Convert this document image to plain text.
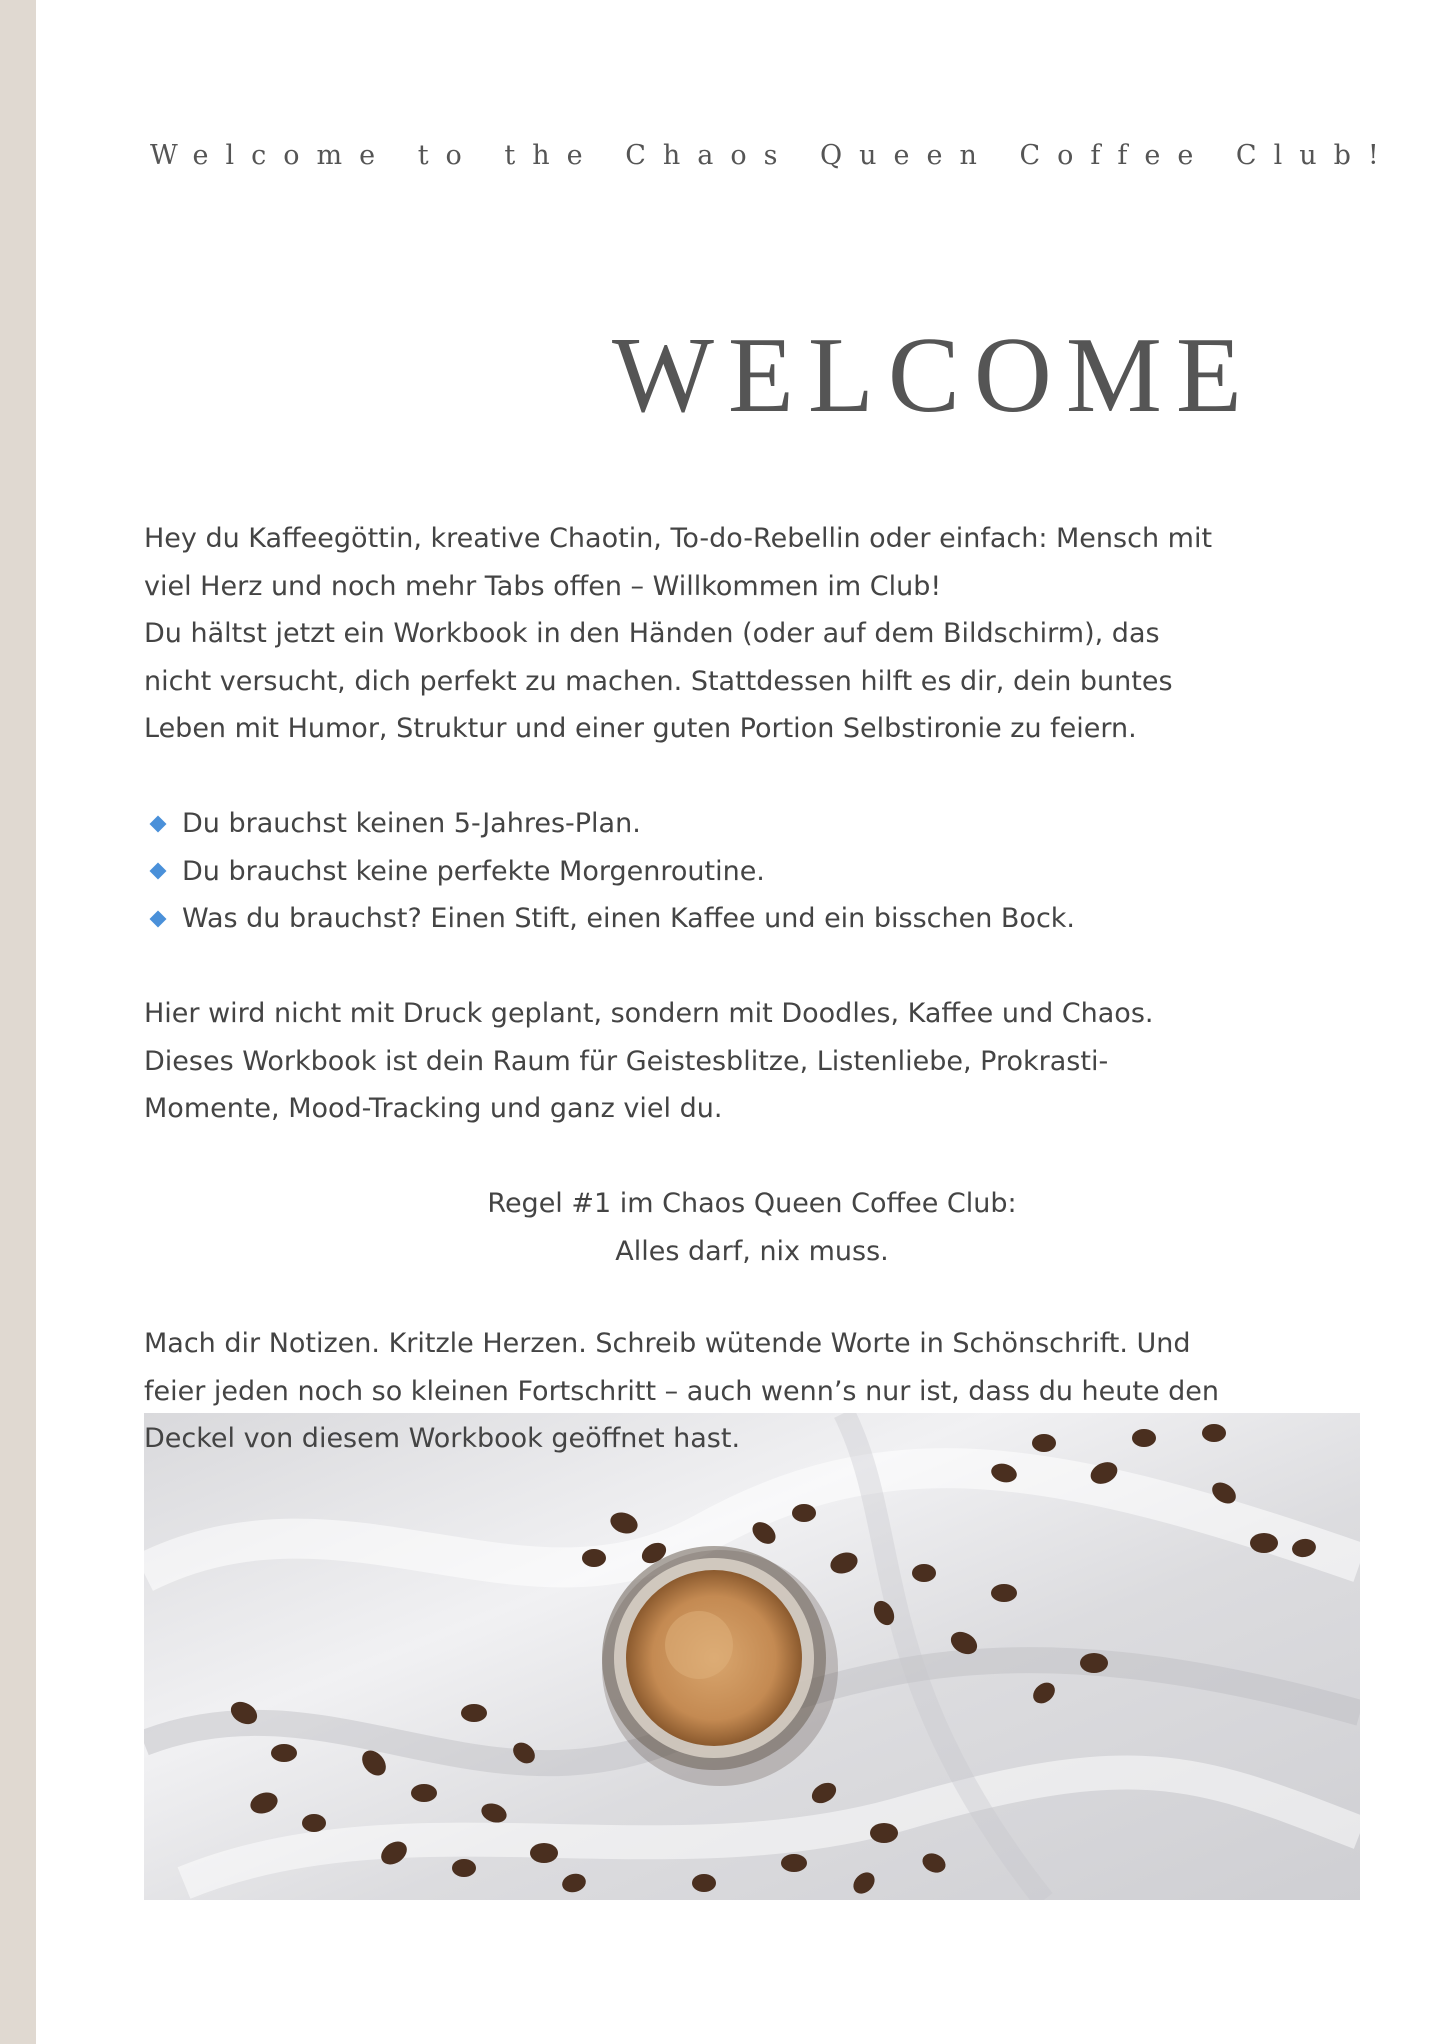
Welcome to the Chaos Queen Coffee Club!
WELCOME
Hey du Kaffeegöttin, kreative Chaotin, To-do-Rebellin oder einfach: Mensch mit
viel Herz und noch mehr Tabs offen – Willkommen im Club!
Du hältst jetzt ein Workbook in den Händen (oder auf dem Bildschirm), das
nicht versucht, dich perfekt zu machen. Stattdessen hilft es dir, dein buntes
Leben mit Humor, Struktur und einer guten Portion Selbstironie zu feiern.
Du brauchst keinen 5-Jahres-Plan.
Du brauchst keine perfekte Morgenroutine.
Was du brauchst? Einen Stift, einen Kaffee und ein bisschen Bock.
Hier wird nicht mit Druck geplant, sondern mit Doodles, Kaffee und Chaos.
Dieses Workbook ist dein Raum für Geistesblitze, Listenliebe, Prokrasti-
Momente, Mood-Tracking und ganz viel du.
Regel #1 im Chaos Queen Coffee Club:
Alles darf, nix muss.
Mach dir Notizen. Kritzle Herzen. Schreib wütende Worte in Schönschrift. Und
feier jeden noch so kleinen Fortschritt – auch wenn’s nur ist, dass du heute den
Deckel von diesem Workbook geöffnet hast.
